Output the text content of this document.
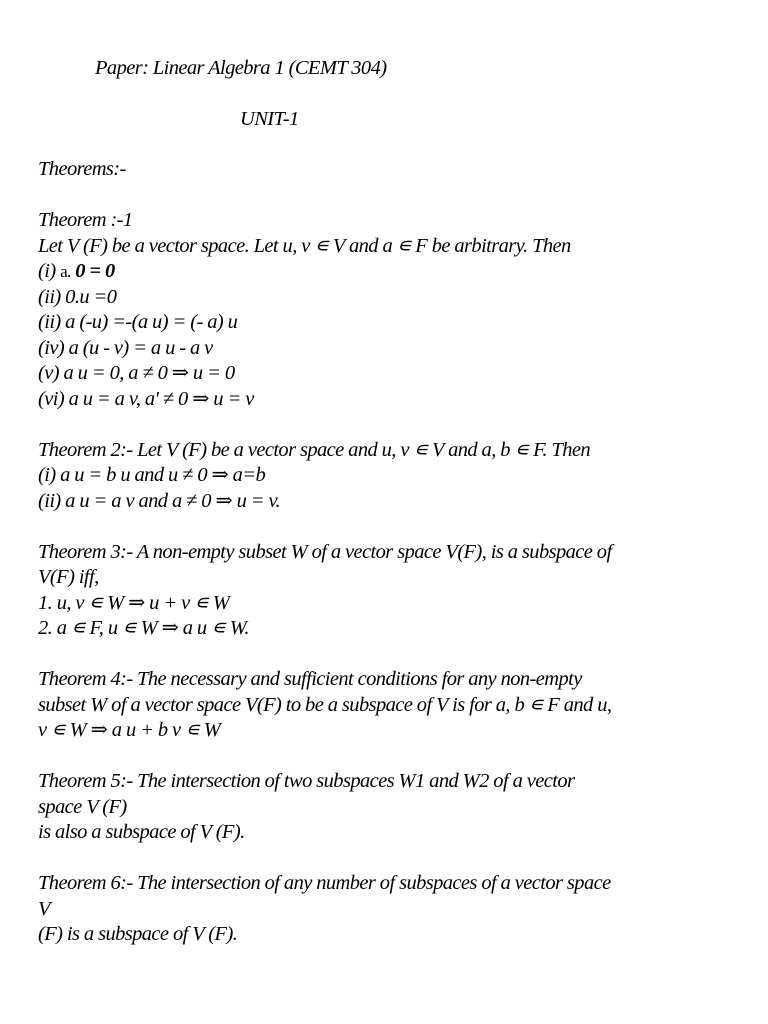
Paper: Linear Algebra 1 (CEMT 304)
UNIT-1
Theorems:-
Theorem :-1
Let V (F) be a vector space. Let u, v ∊ V and a ∊ F be arbitrary. Then
(i) a. 0 = 0
(ii) 0.u =0
(ii) a (-u) =-(a u) = (- a) u
(iv) a (u - v) = a u - a v
(v) a u = 0, a ≠ 0 ⇒ u = 0
(vi) a u = a v, a' ≠ 0 ⇒ u = v
Theorem 2:- Let V (F) be a vector space and u, v ∊ V and a, b ∊ F. Then
(i) a u = b u and u ≠ 0 ⇒ a=b
(ii) a u = a v and a ≠ 0 ⇒ u = v.
Theorem 3:- A non-empty subset W of a vector space V(F), is a subspace of
V(F) iff,
1. u, v ∊ W ⇒ u + v ∊ W
2. a ∊ F, u ∊ W ⇒ a u ∊ W.
Theorem 4:- The necessary and sufficient conditions for any non-empty
subset W of a vector space V(F) to be a subspace of V is for a, b ∊ F and u,
v ∊ W ⇒ a u + b v ∊ W
Theorem 5:- The intersection of two subspaces W1 and W2 of a vector
space V (F)
is also a subspace of V (F).
Theorem 6:- The intersection of any number of subspaces of a vector space
V
(F) is a subspace of V (F).
